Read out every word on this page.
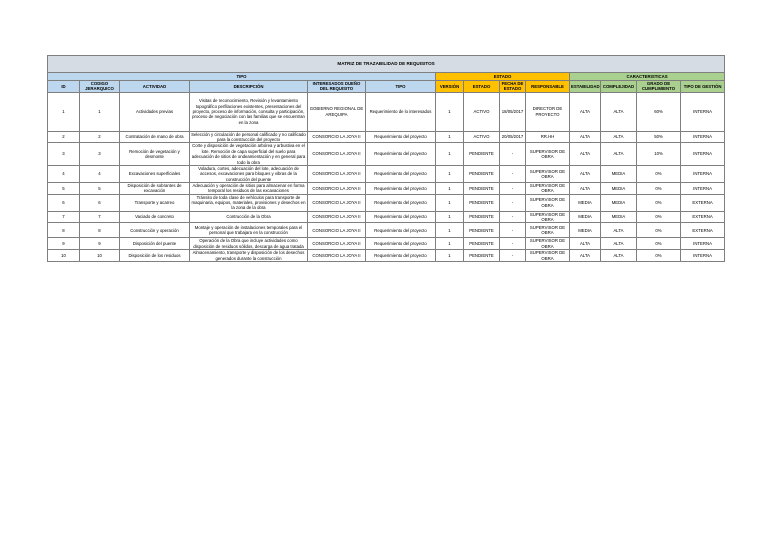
MATRIZ DE TRAZABILIDAD DE REQUISITOS													
TIPO						ESTADO				CARACTERISTICAS			
ID	CODIGO JERARQUICO	ACTIVIDAD	DESCRIPCIÓN	INTERESADOS DUEÑO DEL REQUISITO	TIPO	VERSIÓN	ESTADO	FECHA DE ESTADO	RESPONSABLE	ESTABILIDAD	COMPLEJIDAD	GRADO DE CUMPLIMIENTO	TIPO DE GESTIÓN
1	1	Actividades previas	Visitas de reconocimiento, Revisión y levantamiento topográfico perfilaciones existentes, presentaciones del proyecto, proceso de información, consulta y participación, proceso de negociación con las familias que se encuentran en la zona	GOBIERNO REGIONAL DE AREQUIPA	Requerimiento de lo interesados	1	ACTIVO	18/05/2017	DIRECTOR DE PROYECTO	ALTA	ALTA	60%	INTERNA
2	2	Contratación de mano de obra	Selección y circulación de personal calificado y no calificado para la construcción del proyecto	CONSORCIO LA JOYA II	Requerimiento del proyecto	1	ACTIVO	20/05/2017	RR.HH	ALTA	ALTA	50%	INTERNA
3	3	Remoción de vegetación y desmonte	Corte y disposición de vegetación arbórea y arbustiva en el lote. Remoción de capa superficial del suelo para adecuación de sitios de ondeamientación y en general para todo la obra	CONSORCIO LA JOYA II	Requerimiento del proyecto	1	PENDIENTE	-	SUPERVISOR DE OBRA	ALTA	ALTA	10%	INTERNA
4	4	Excavaciones superficiales	Voladura, cortes, adecuación del lote, adecuación de accesos, excavaciones para bloques y vibras de la construcción del puente	CONSORCIO LA JOYA II	Requerimiento del proyecto	1	PENDIENTE	-	SUPERVISOR DE OBRA	ALTA	MEDIA	0%	INTERNA
5	5	Disposición de sobrantes de excavación	Adecuación y operación de sitios para almacenar en forma temporal los residuos de las excavaciones	CONSORCIO LA JOYA II	Requerimiento del proyecto	1	PENDIENTE	-	SUPERVISOR DE OBRA	ALTA	MEDIA	0%	INTERNA
6	6	Transporte y acarreo	Tránsito de toda clase de vehículos para transporte de maquinaria, equipos, materiales, provisiones y desechos en la zona de la obra	CONSORCIO LA JOYA II	Requerimiento del proyecto	1	PENDIENTE	-	SUPERVISOR DE OBRA	MEDIA	MEDIA	0%	EXTERNA
7	7	Vaciado de concreto	Contrucción de la Obra	CONSORCIO LA JOYA II	Requerimiento del proyecto	1	PENDIENTE	-	SUPERVISOR DE OBRA	MEDIA	MEDIA	0%	EXTERNA
8	8	Construcción y operación	Montaje y operación de instalaciones temporales para el personal que trabajara en la construcción	CONSORCIO LA JOYA II	Requerimiento del proyecto	1	PENDIENTE	-	SUPERVISOR DE OBRA	MEDIA	ALTA	0%	EXTERNA
9	9	Disposición del puente	Operación de la Obra que incluye actividades como disposición de residuos sólidos, descarga de agua tratada	CONSORCIO LA JOYA II	Requerimiento del proyecto	1	PENDIENTE	-	SUPERVISOR DE OBRA	ALTA	ALTA	0%	INTERNA
10	10	Disposición de los residuos	Almacenamiento, transporte y disposición de los desechos generados durante la construcción	CONSORCIO LA JOYA II	Requerimiento del proyecto	1	PENDIENTE	-	SUPERVISOR DE OBRA	ALTA	ALTA	0%	INTERNA
